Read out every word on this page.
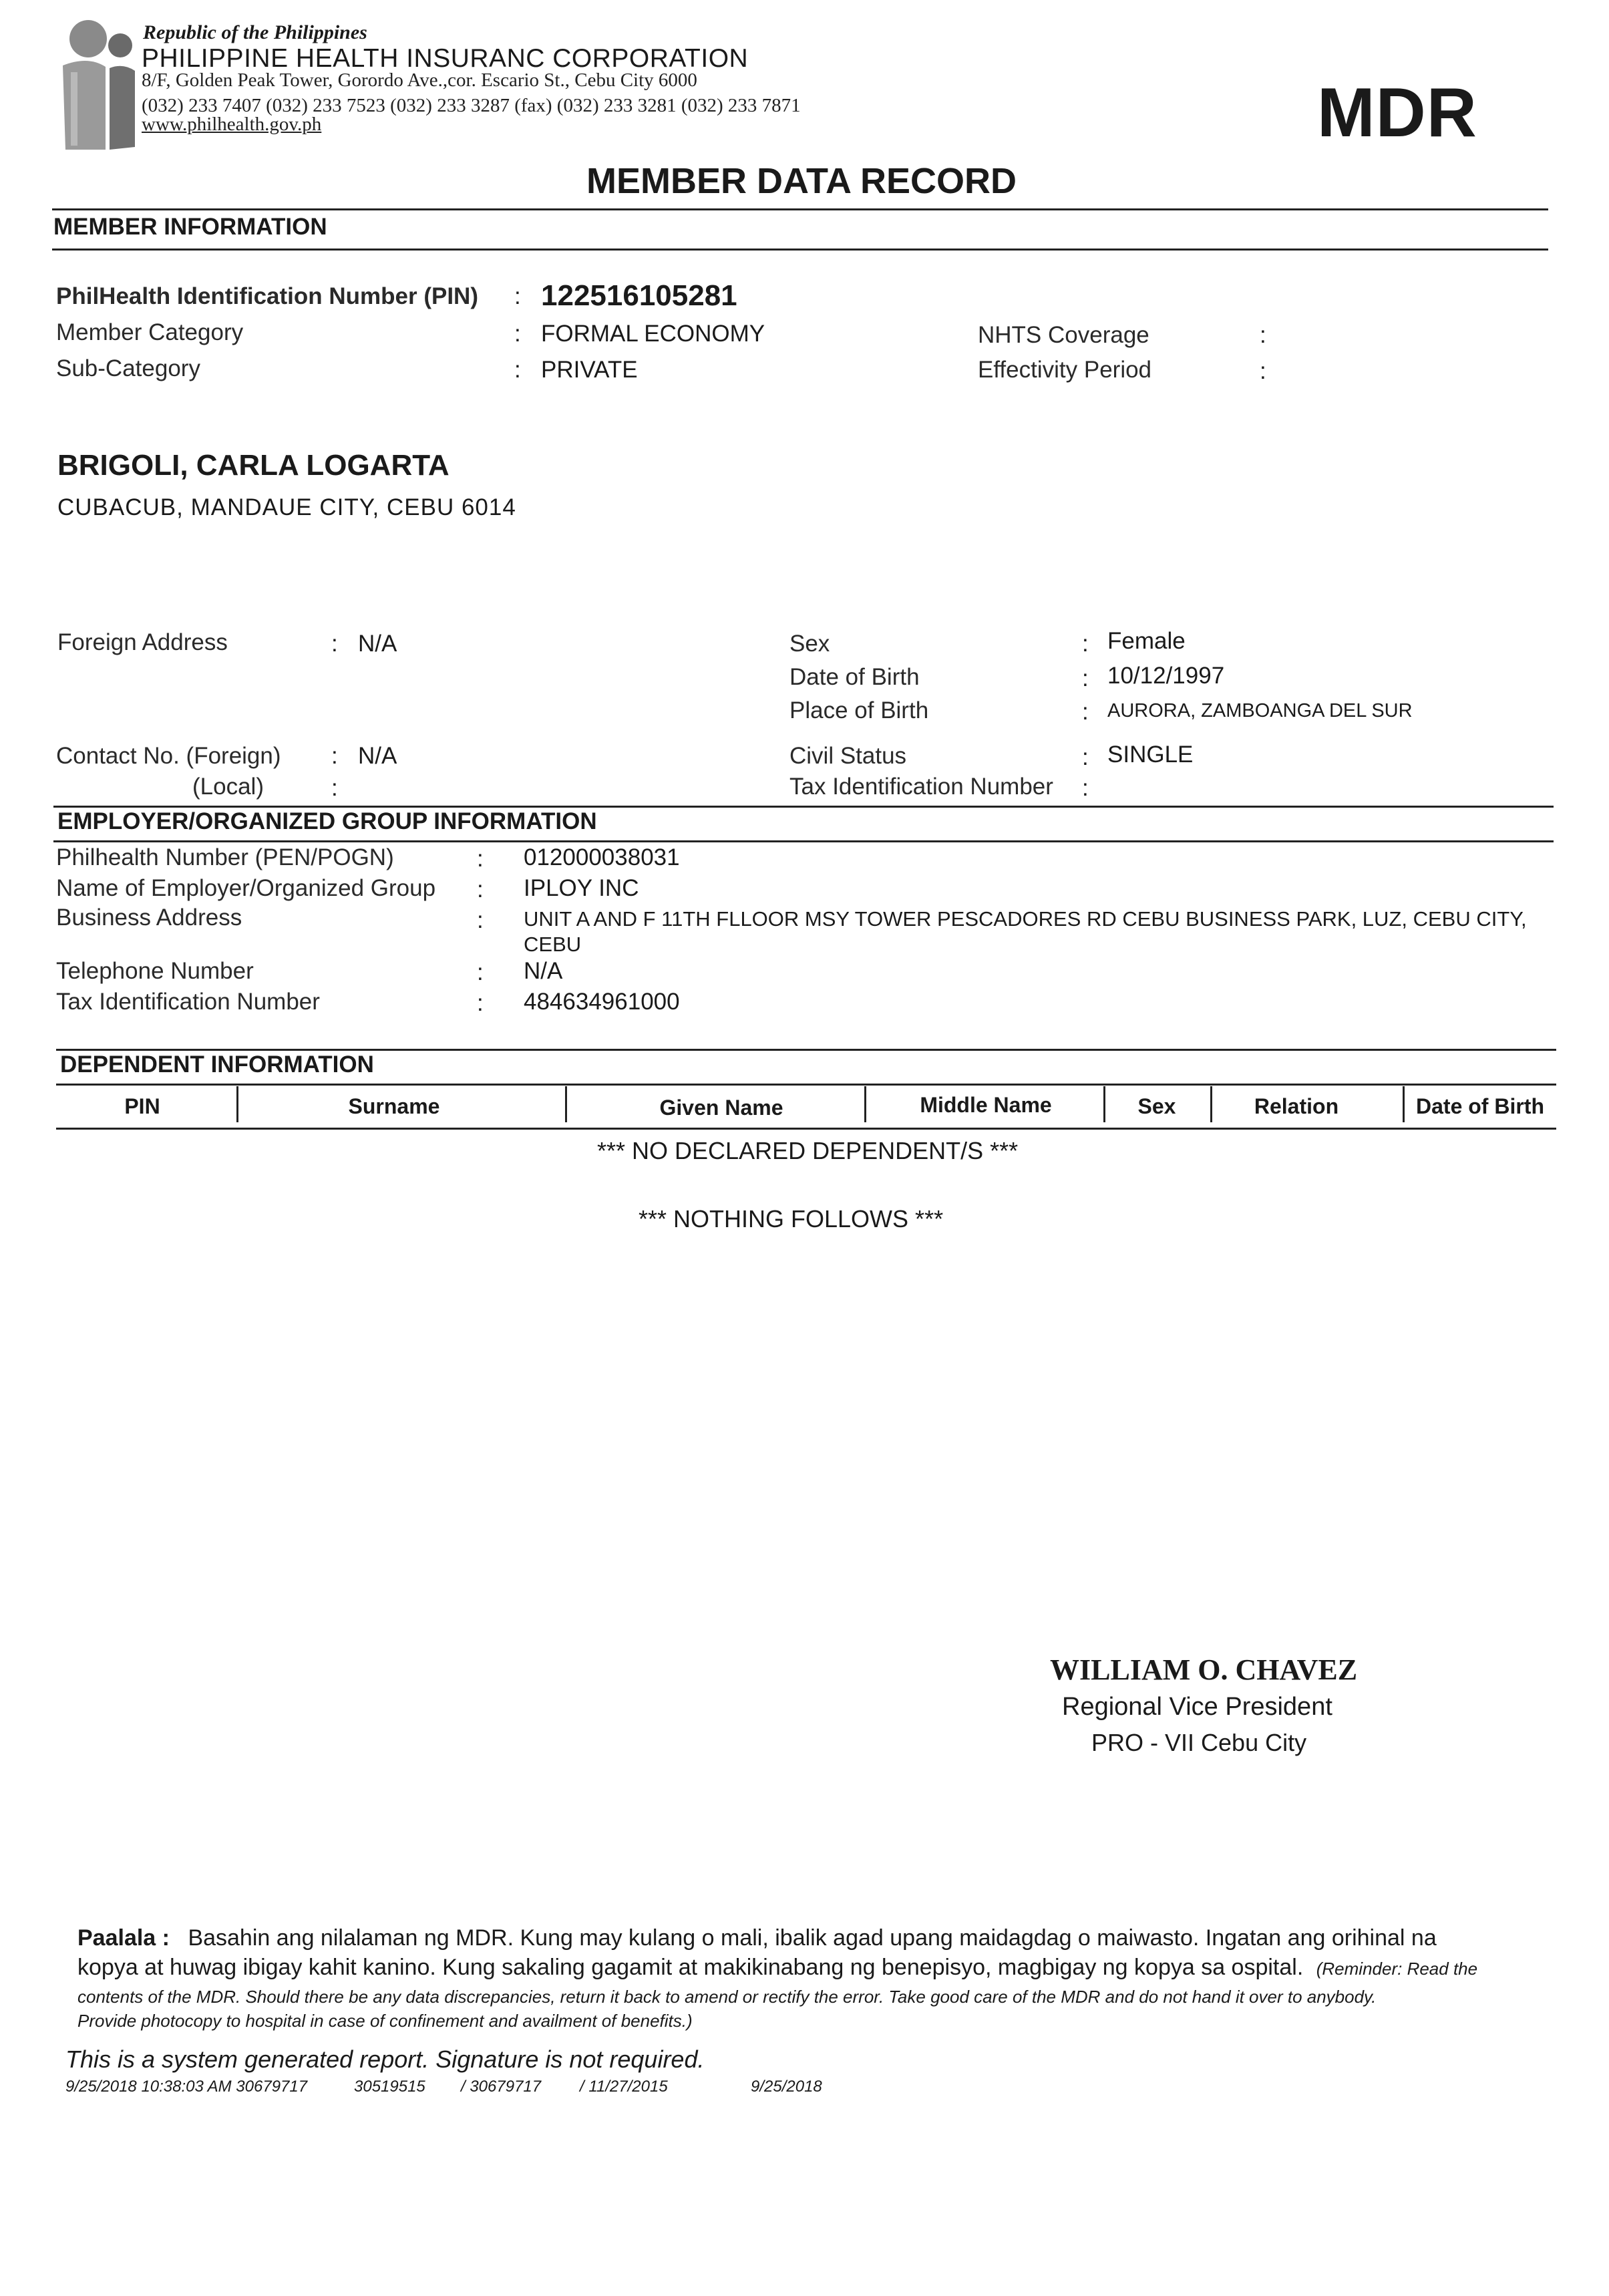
Republic of the Philippines
PHILIPPINE HEALTH INSURANC CORPORATION
8/F, Golden Peak Tower, Gorordo Ave.,cor. Escario St., Cebu City 6000
(032) 233 7407 (032) 233 7523 (032) 233 3287 (fax) (032) 233 3281 (032) 233 7871
www.philhealth.gov.ph	MDR
MEMBER DATA RECORD
MEMBER INFORMATION
PhilHealth Identification Number (PIN) : 122516105281
Member Category	: FORMAL ECONOMY
Sub-Category	: PRIVATE
NHTS Coverage	:
Effectivity Period	:
BRIGOLI, CARLA LOGARTA
CUBACUB, MANDAUE CITY, CEBU 6014
Foreign Address	: N/A
Contact No. (Foreign) : N/A
(Local)	:
Sex	: Female
Date of Birth	: 10/12/1997
Place of Birth	: AURORA, ZAMBOANGA DEL SUR
Civil Status	: SINGLE
Tax Identification Number :
EMPLOYER/ORGANIZED GROUP INFORMATION
Philhealth Number (PEN/POGN)	: 012000038031
Name of Employer/Organized Group : IPLOY INC
Business Address	: UNIT A AND F 11TH FLLOOR MSY TOWER PESCADORES RD CEBU BUSINESS PARK, LUZ, CEBU CITY,
CEBU
Telephone Number	: N/A
Tax Identification Number	: 484634961000
DEPENDENT INFORMATION
PIN	Surname	Given Name	Middle Name	Sex	Relation	Date of Birth
*** NO DECLARED DEPENDENT/S ***
*** NOTHING FOLLOWS ***
WILLIAM O. CHAVEZ
Regional Vice President
PRO - VII Cebu City
Paalala : Basahin ang nilalaman ng MDR. Kung may kulang o mali, ibalik agad upang maidagdag o maiwasto. Ingatan ang orihinal na
kopya at huwag ibigay kahit kanino. Kung sakaling gagamit at makikinabang ng benepisyo, magbigay ng kopya sa ospital. (Reminder: Read the
contents of the MDR. Should there be any data discrepancies, return it back to amend or rectify the error. Take good care of the MDR and do not hand it over to anybody.
Provide photocopy to hospital in case of confinement and availment of benefits.)
This is a system generated report. Signature is not required.
9/25/2018 10:38:03 AM 30679717	30519515 / 30679717 / 11/27/2015	9/25/2018
